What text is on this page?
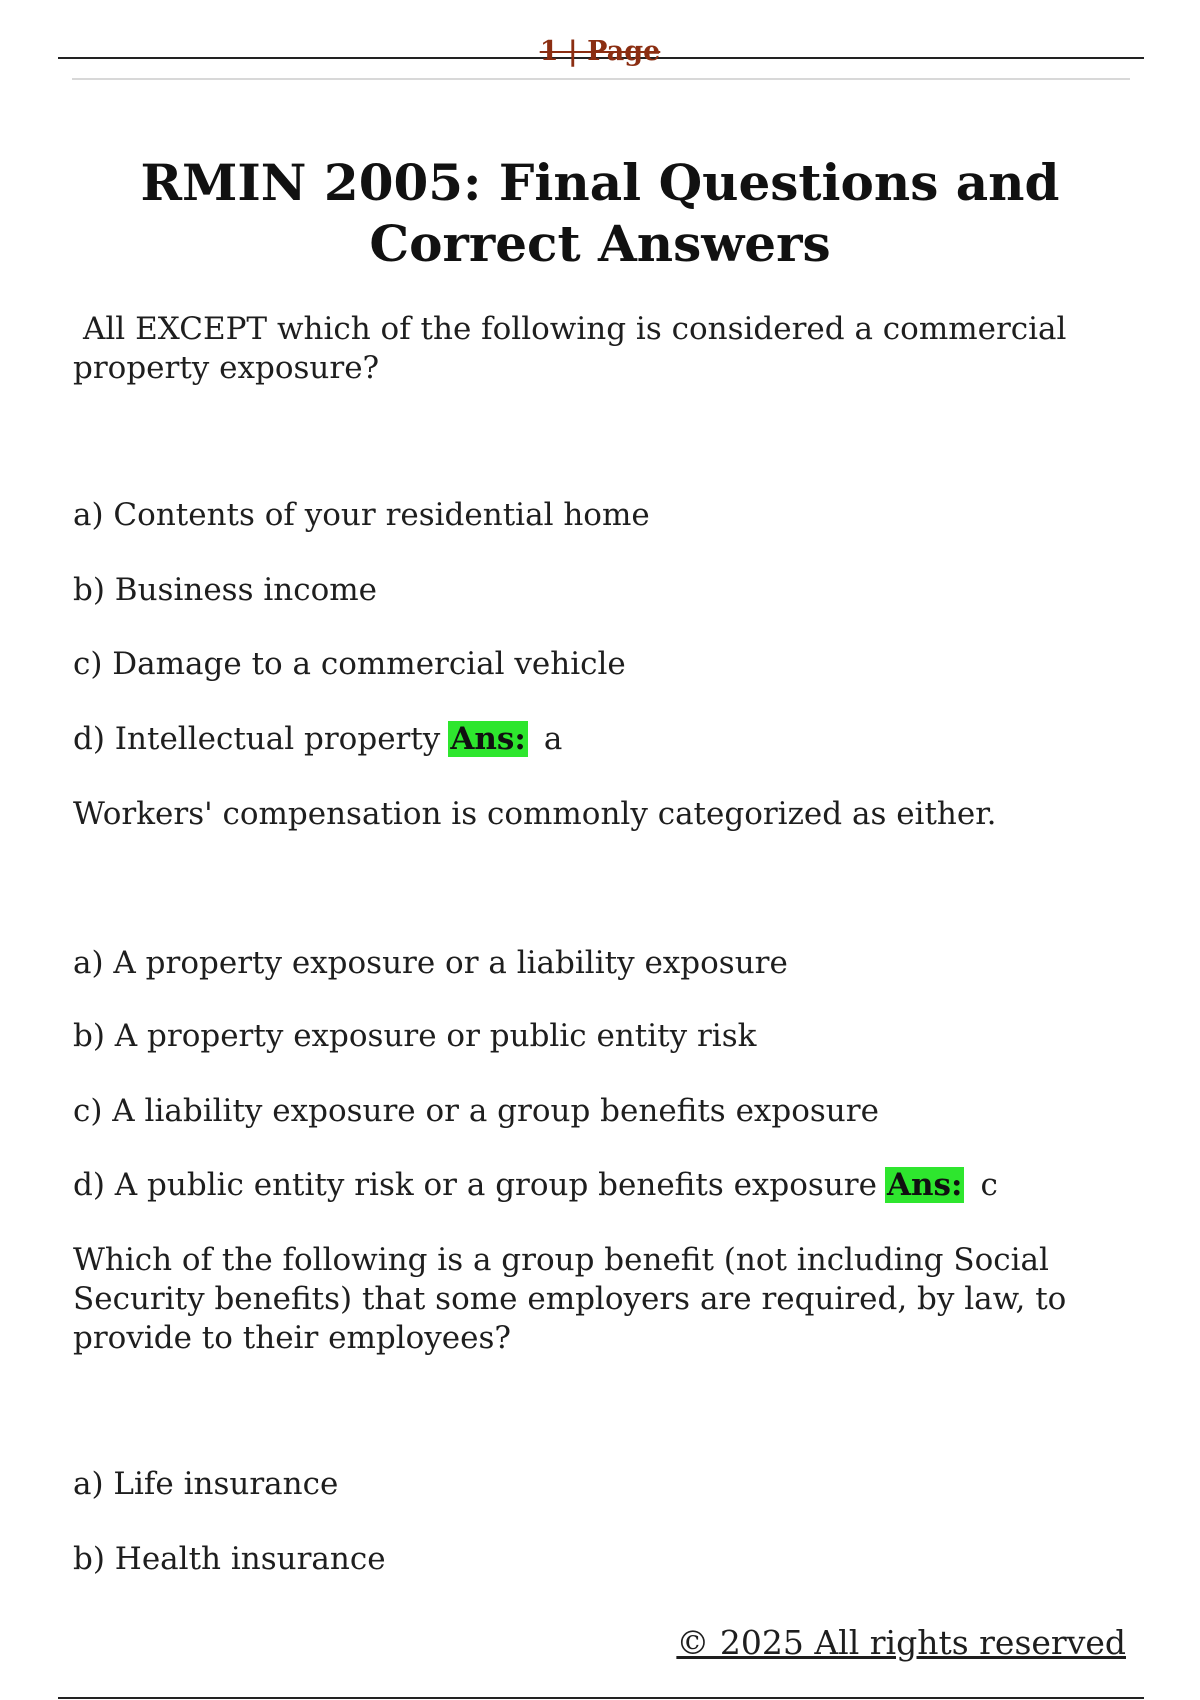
1 | Page
RMIN 2005: Final Questions and Correct Answers

All EXCEPT which of the following is considered a commercial property exposure?

a) Contents of your residential home

b) Business income

c) Damage to a commercial vehicle

d) Intellectual property Ans: a

Workers' compensation is commonly categorized as either.

a) A property exposure or a liability exposure

b) A property exposure or public entity risk

c) A liability exposure or a group benefits exposure

d) A public entity risk or a group benefits exposure Ans: c

Which of the following is a group benefit (not including Social Security benefits) that some employers are required, by law, to provide to their employees?

a) Life insurance

b) Health insurance

© 2025 All rights reserved
